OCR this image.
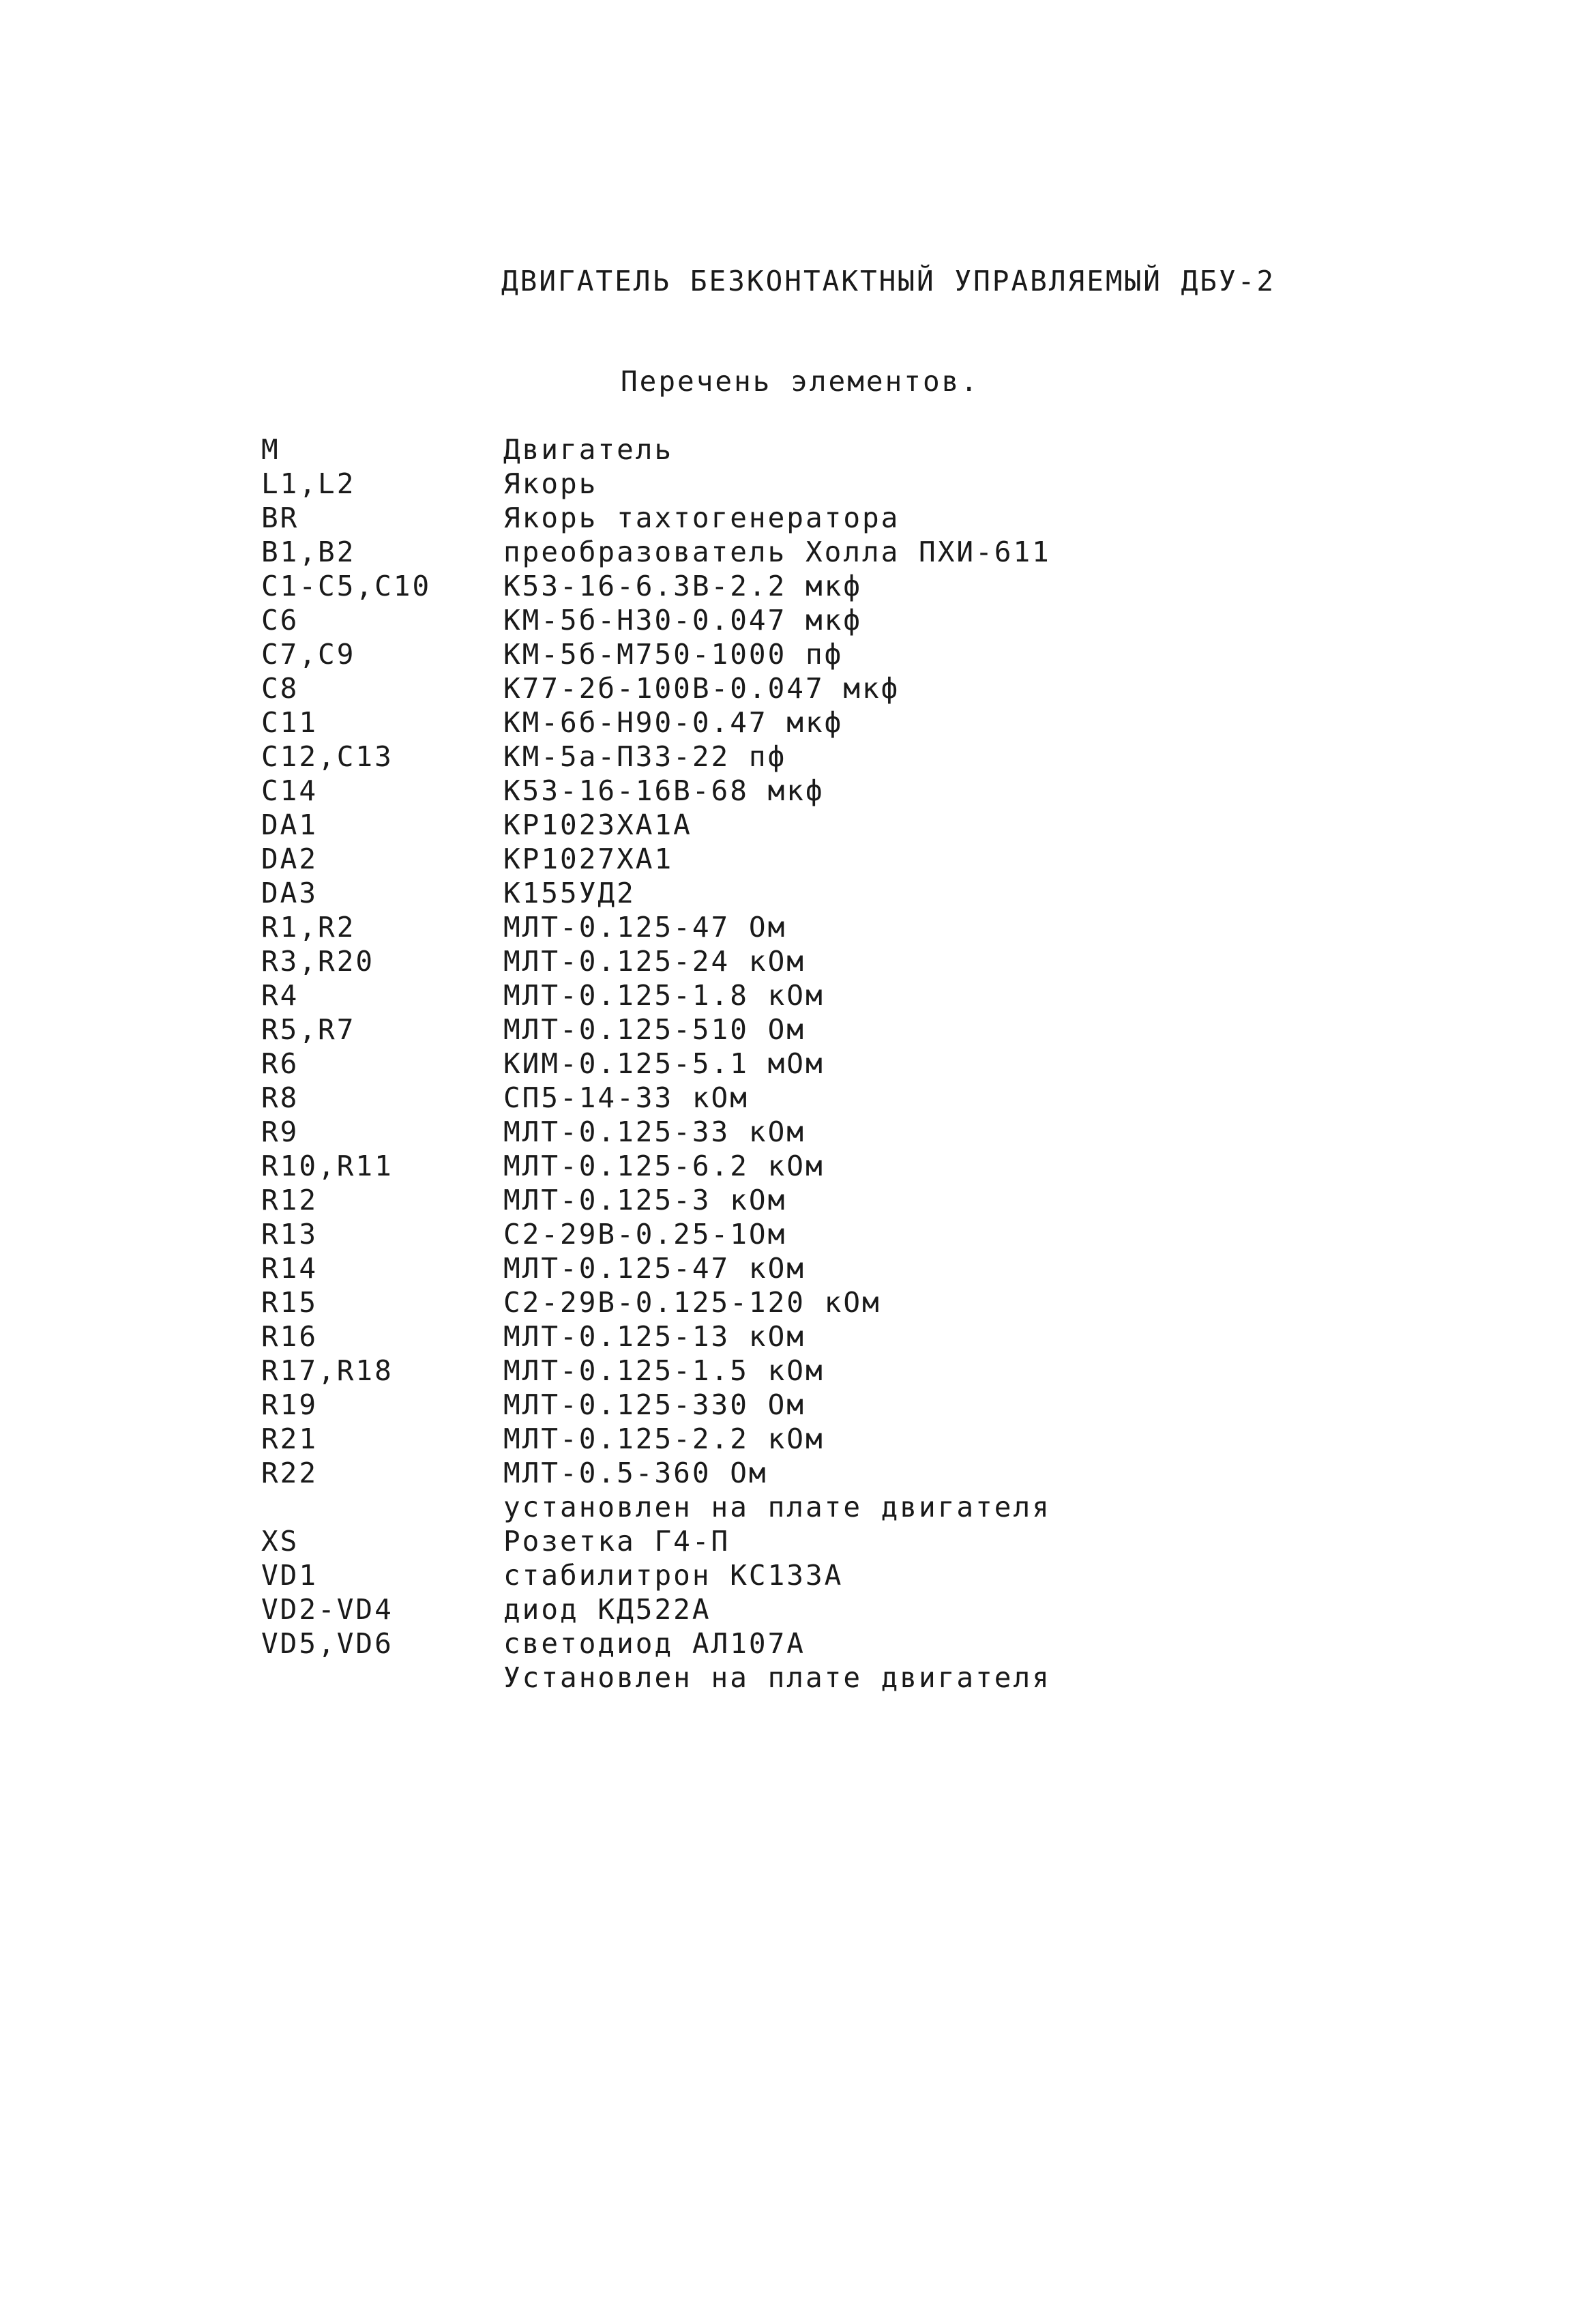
ДВИГАТЕЛЬ БЕЗКОНТАКТНЫЙ УПРАВЛЯЕМЫЙ ДБУ-2
Перечень элементов.
M	Двигатель
L1,L2	Якорь
BR	Якорь тахтогенератора
B1,B2	преобразователь Холла ПХИ-611
C1-C5,C10	К53-16-6.3В-2.2 мкф
C6	КМ-5б-Н30-0.047 мкф
C7,C9	КМ-5б-М750-1000 пф
C8	К77-2б-100В-0.047 мкф
C11	КМ-6б-Н90-0.47 мкф
C12,C13	КМ-5а-П33-22 пф
C14	К53-16-16В-68 мкф
DA1	КР1023ХА1А
DA2	КР1027ХА1
DA3	К155УД2
R1,R2	МЛТ-0.125-47 Ом
R3,R20	МЛТ-0.125-24 кОм
R4	МЛТ-0.125-1.8 кОм
R5,R7	МЛТ-0.125-510 Ом
R6	КИМ-0.125-5.1 мОм
R8	СП5-14-33 кОм
R9	МЛТ-0.125-33 кОм
R10,R11	МЛТ-0.125-6.2 кОм
R12	МЛТ-0.125-3 кОм
R13	С2-29В-0.25-1Ом
R14	МЛТ-0.125-47 кОм
R15	С2-29В-0.125-120 кОм
R16	МЛТ-0.125-13 кОм
R17,R18	МЛТ-0.125-1.5 кОм
R19	МЛТ-0.125-330 Ом
R21	МЛТ-0.125-2.2 кОм
R22	МЛТ-0.5-360 Ом
установлен на плате двигателя
XS	Розетка Г4-П
VD1	стабилитрон КС133А
VD2-VD4	диод КД522А
VD5,VD6	светодиод АЛ107А
Установлен на плате двигателя
